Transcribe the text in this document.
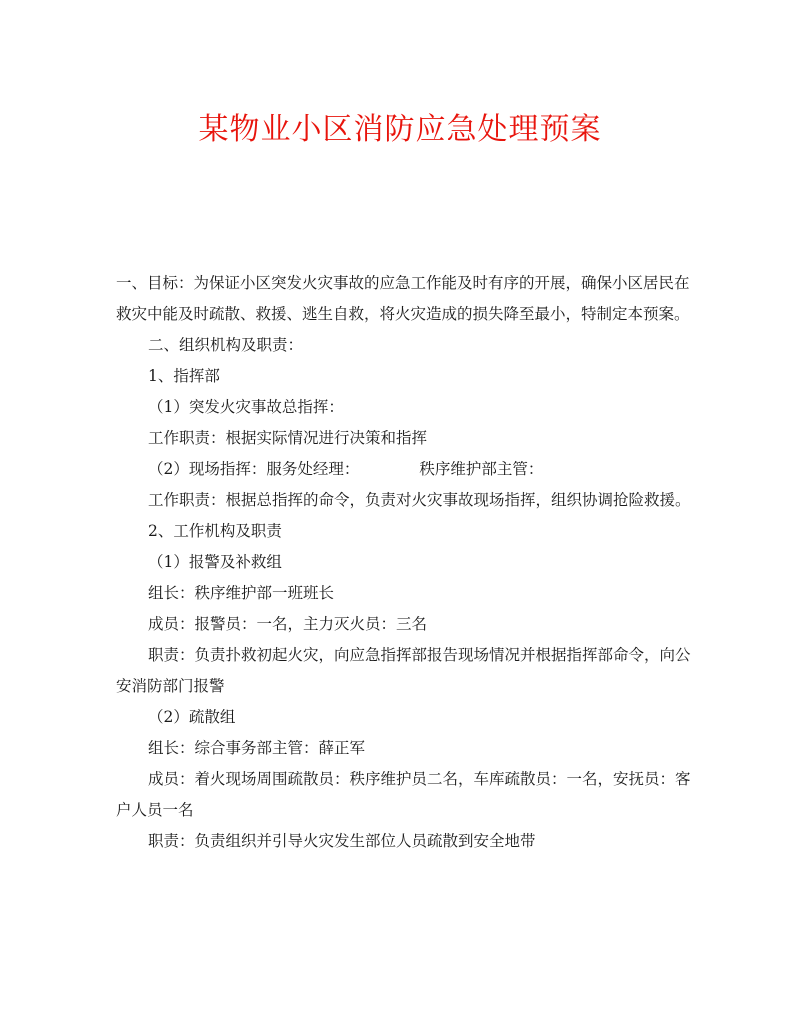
某物业小区消防应急处理预案

一、目标：为保证小区突发火灾事故的应急工作能及时有序的开展，确保小区居民在救灾中能及时疏散、救援、逃生自救，将火灾造成的损失降至最小，特制定本预案。

二、组织机构及职责：

1、指挥部

（1）突发火灾事故总指挥：

工作职责：根据实际情况进行决策和指挥

（2）现场指挥：服务处经理：	秩序维护部主管：

工作职责：根据总指挥的命令，负责对火灾事故现场指挥，组织协调抢险救援。

2、工作机构及职责

（1）报警及补救组

组长：秩序维护部一班班长

成员：报警员：一名，主力灭火员：三名

职责：负责扑救初起火灾，向应急指挥部报告现场情况并根据指挥部命令，向公安消防部门报警

（2）疏散组

组长：综合事务部主管：薛正军

成员：着火现场周围疏散员：秩序维护员二名，车库疏散员：一名，安抚员：客户人员一名

职责：负责组织并引导火灾发生部位人员疏散到安全地带
